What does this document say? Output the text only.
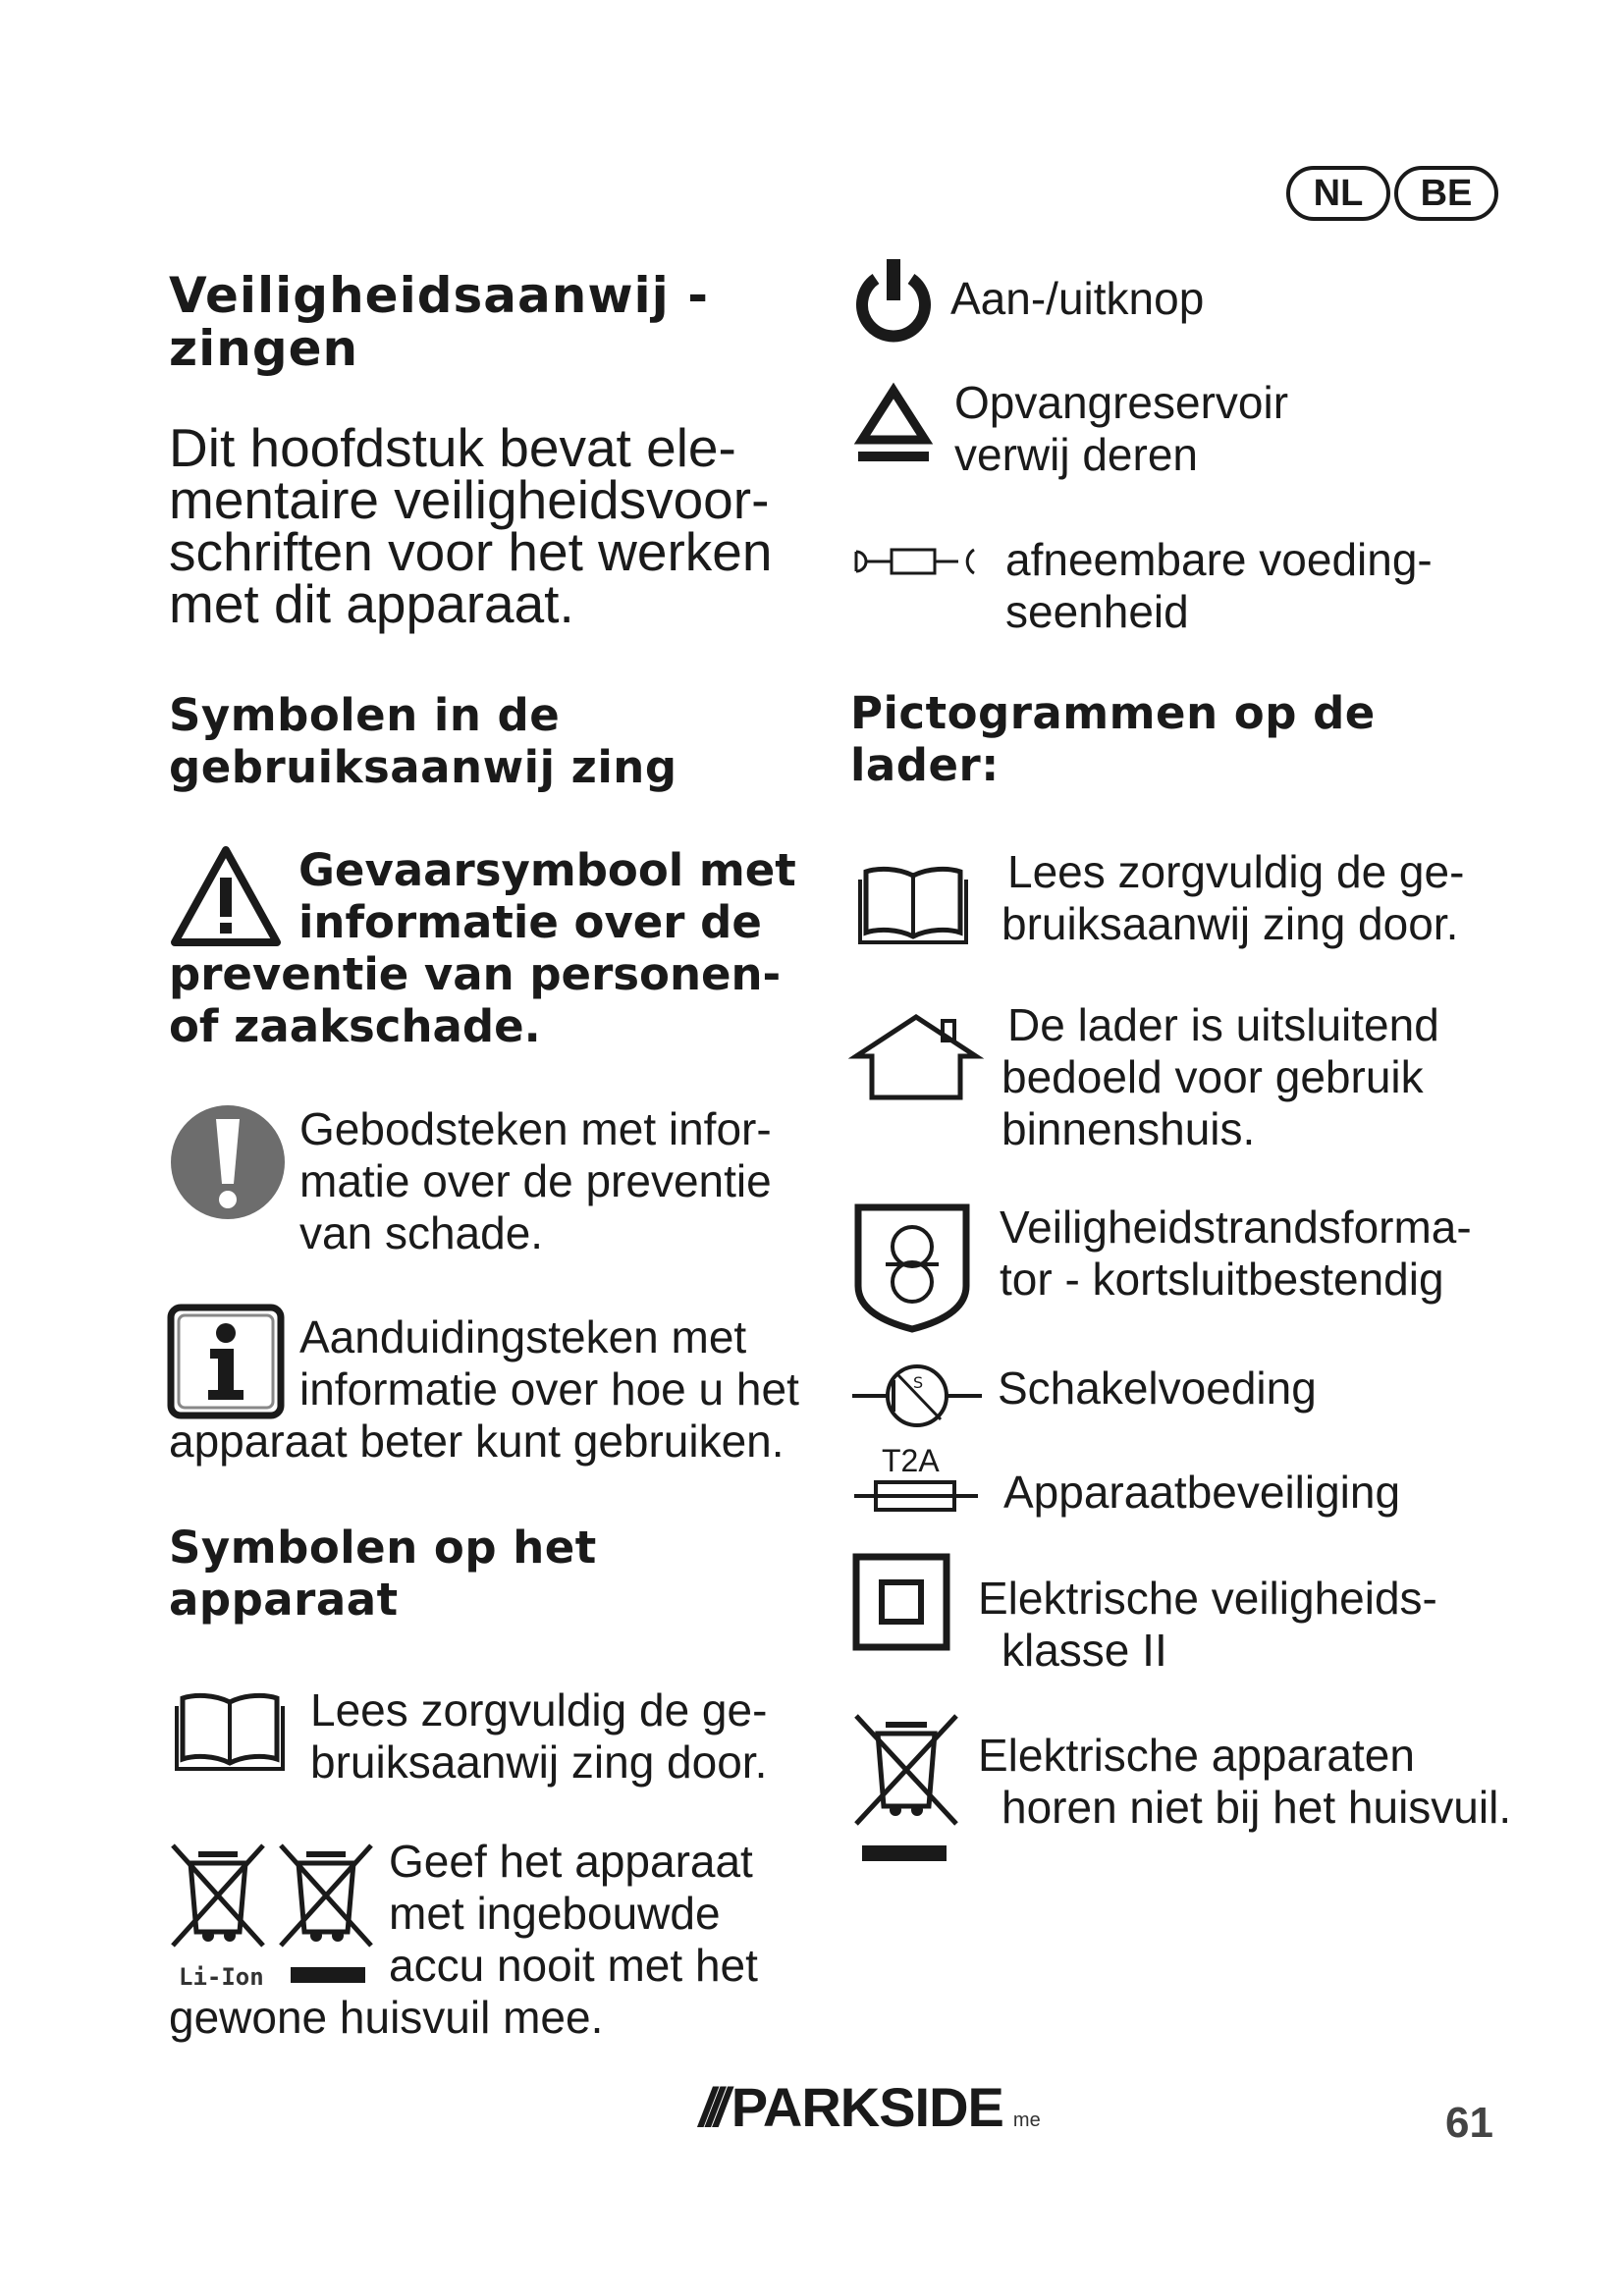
NL	BE
Veiligheidsaanwij -
zingen
Dit hoofdstuk bevat ele-
mentaire veiligheidsvoor-
schriften voor het werken
met dit apparaat.
Symbolen in de
gebruiksaanwij zing
Gevaarsymbool met
informatie over de
preventie van personen-
of zaakschade.
Gebodsteken met infor-
matie over de preventie
van schade.
Aanduidingsteken met
informatie over hoe u het
apparaat beter kunt gebruiken.
Symbolen op het
apparaat
Lees zorgvuldig de ge-
bruiksaanwij zing door.
Li-Ion
Geef het apparaat
met ingebouwde
accu nooit met het
gewone huisvuil mee.
Aan-/uitknop
Opvangreservoir
verwij deren
afneembare voeding-
seenheid
Pictogrammen op de
lader:
Lees zorgvuldig de ge-
bruiksaanwij zing door.
De lader is uitsluitend
bedoeld voor gebruik
binnenshuis.
Veiligheidstrandsforma-
tor - kortsluitbestendig
S Schakelvoeding
T2A
Apparaatbeveiliging
Elektrische veiligheids-
klasse II
Elektrische apparaten
horen niet bij het huisvuil.
/// PARKSIDE me	61
